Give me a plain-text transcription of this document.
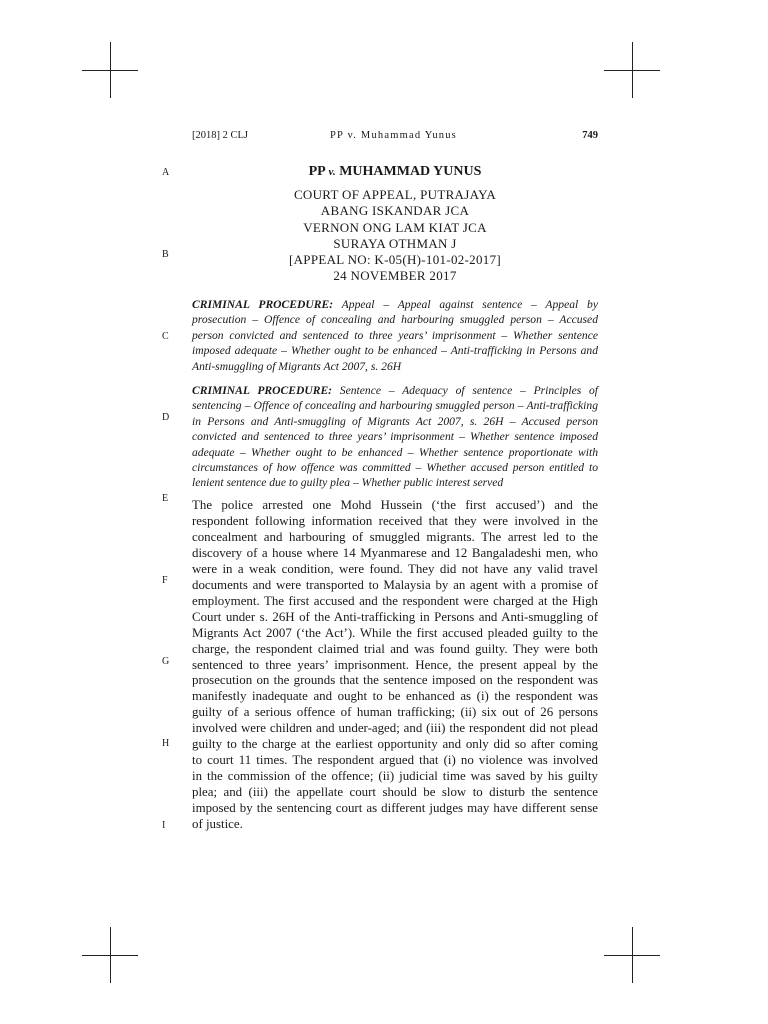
[2018] 2 CLJ	PP v. Muhammad Yunus	749
A
B
C
D
E
F
G
H
I
PP v. MUHAMMAD YUNUS
COURT OF APPEAL, PUTRAJAYA
ABANG ISKANDAR JCA
VERNON ONG LAM KIAT JCA
SURAYA OTHMAN J
[APPEAL NO: K-05(H)-101-02-2017]
24 NOVEMBER 2017
CRIMINAL PROCEDURE: Appeal – Appeal against sentence – Appeal by prosecution – Offence of concealing and harbouring smuggled person – Accused person convicted and sentenced to three years’ imprisonment – Whether sentence imposed adequate – Whether ought to be enhanced – Anti-trafficking in Persons and Anti-smuggling of Migrants Act 2007, s. 26H
CRIMINAL PROCEDURE: Sentence – Adequacy of sentence – Principles of sentencing – Offence of concealing and harbouring smuggled person – Anti-trafficking in Persons and Anti-smuggling of Migrants Act 2007, s. 26H – Accused person convicted and sentenced to three years’ imprisonment – Whether sentence imposed adequate – Whether ought to be enhanced – Whether sentence proportionate with circumstances of how offence was committed – Whether accused person entitled to lenient sentence due to guilty plea – Whether public interest served
The police arrested one Mohd Hussein (‘the first accused’) and the
respondent following information received that they were involved in the
concealment and harbouring of smuggled migrants. The arrest led to the
discovery of a house where 14 Myanmarese and 12 Bangaladeshi men, who
were in a weak condition, were found. They did not have any valid travel
documents and were transported to Malaysia by an agent with a promise of
employment. The first accused and the respondent were charged at the High
Court under s. 26H of the Anti-trafficking in Persons and Anti-smuggling of
Migrants Act 2007 (‘the Act’). While the first accused pleaded guilty to the
charge, the respondent claimed trial and was found guilty. They were both
sentenced to three years’ imprisonment. Hence, the present appeal by the
prosecution on the grounds that the sentence imposed on the respondent was
manifestly inadequate and ought to be enhanced as (i) the respondent was
guilty of a serious offence of human trafficking; (ii) six out of 26 persons
involved were children and under-aged; and (iii) the respondent did not plead
guilty to the charge at the earliest opportunity and only did so after coming
to court 11 times. The respondent argued that (i) no violence was involved
in the commission of the offence; (ii) judicial time was saved by his guilty
plea; and (iii) the appellate court should be slow to disturb the sentence
imposed by the sentencing court as different judges may have different sense
of justice.
